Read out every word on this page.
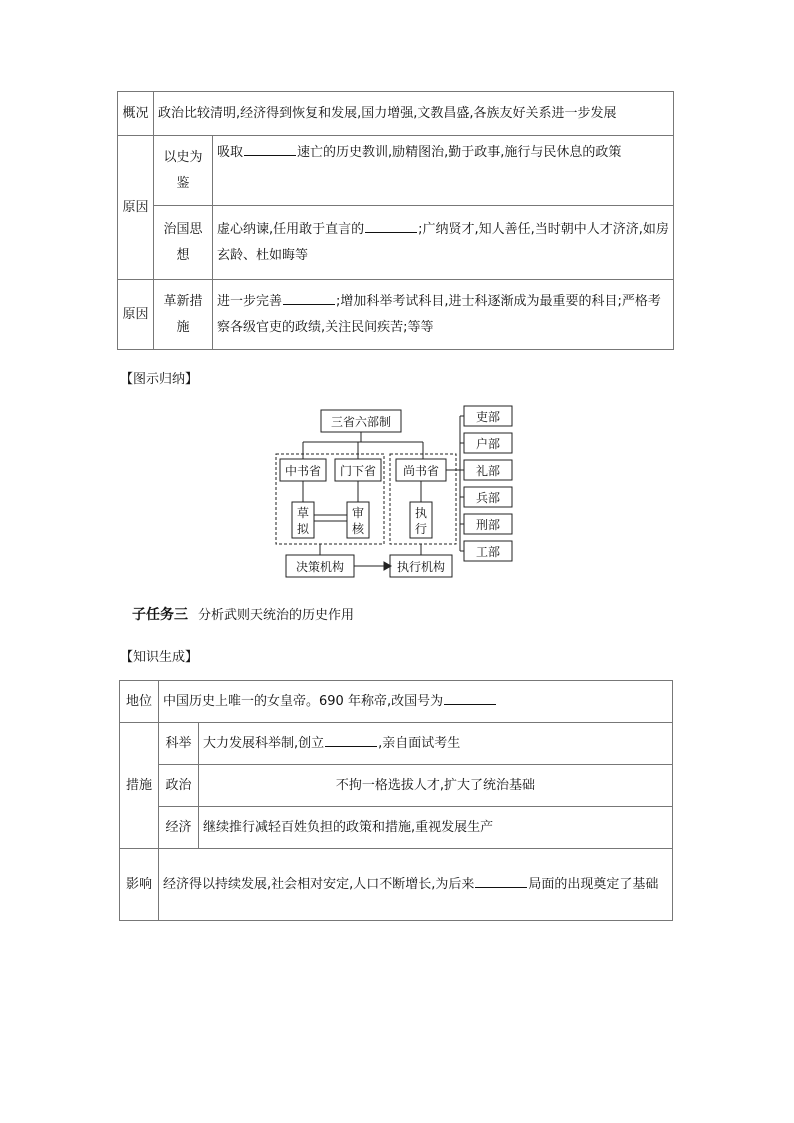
概况	政治比较清明,经济得到恢复和发展,国力增强,文教昌盛,各族友好关系进一步发展	
原因	以史为鉴	吸取 速亡的历史教训,励精图治,勤于政事,施行与民休息的政策
	治国思想	虚心纳谏,任用敢于直言的 ;广纳贤才,知人善任,当时朝中人才济济,如房玄龄、杜如晦等
原因	革新措施	进一步完善 ;增加科举考试科目,进士科逐渐成为最重要的科目;严格考察各级官吏的政绩,关注民间疾苦;等等
【图示归纳】
三省六部制
中书省 门下省 尚书省
草
拟
审
核
执
行
决策机构	执行机构
吏部
户部
礼部
兵部
刑部
工部
子任务三 分析武则天统治的历史作用
【知识生成】
地位	中国历史上唯一的女皇帝。690 年称帝,改国号为	
措施	科举	大力发展科举制,创立 ,亲自面试考生
	政治	不拘一格选拔人才,扩大了统治基础
	经济	继续推行减轻百姓负担的政策和措施,重视发展生产
影响	经济得以持续发展,社会相对安定,人口不断增长,为后来 局面的出现奠定了基础	
